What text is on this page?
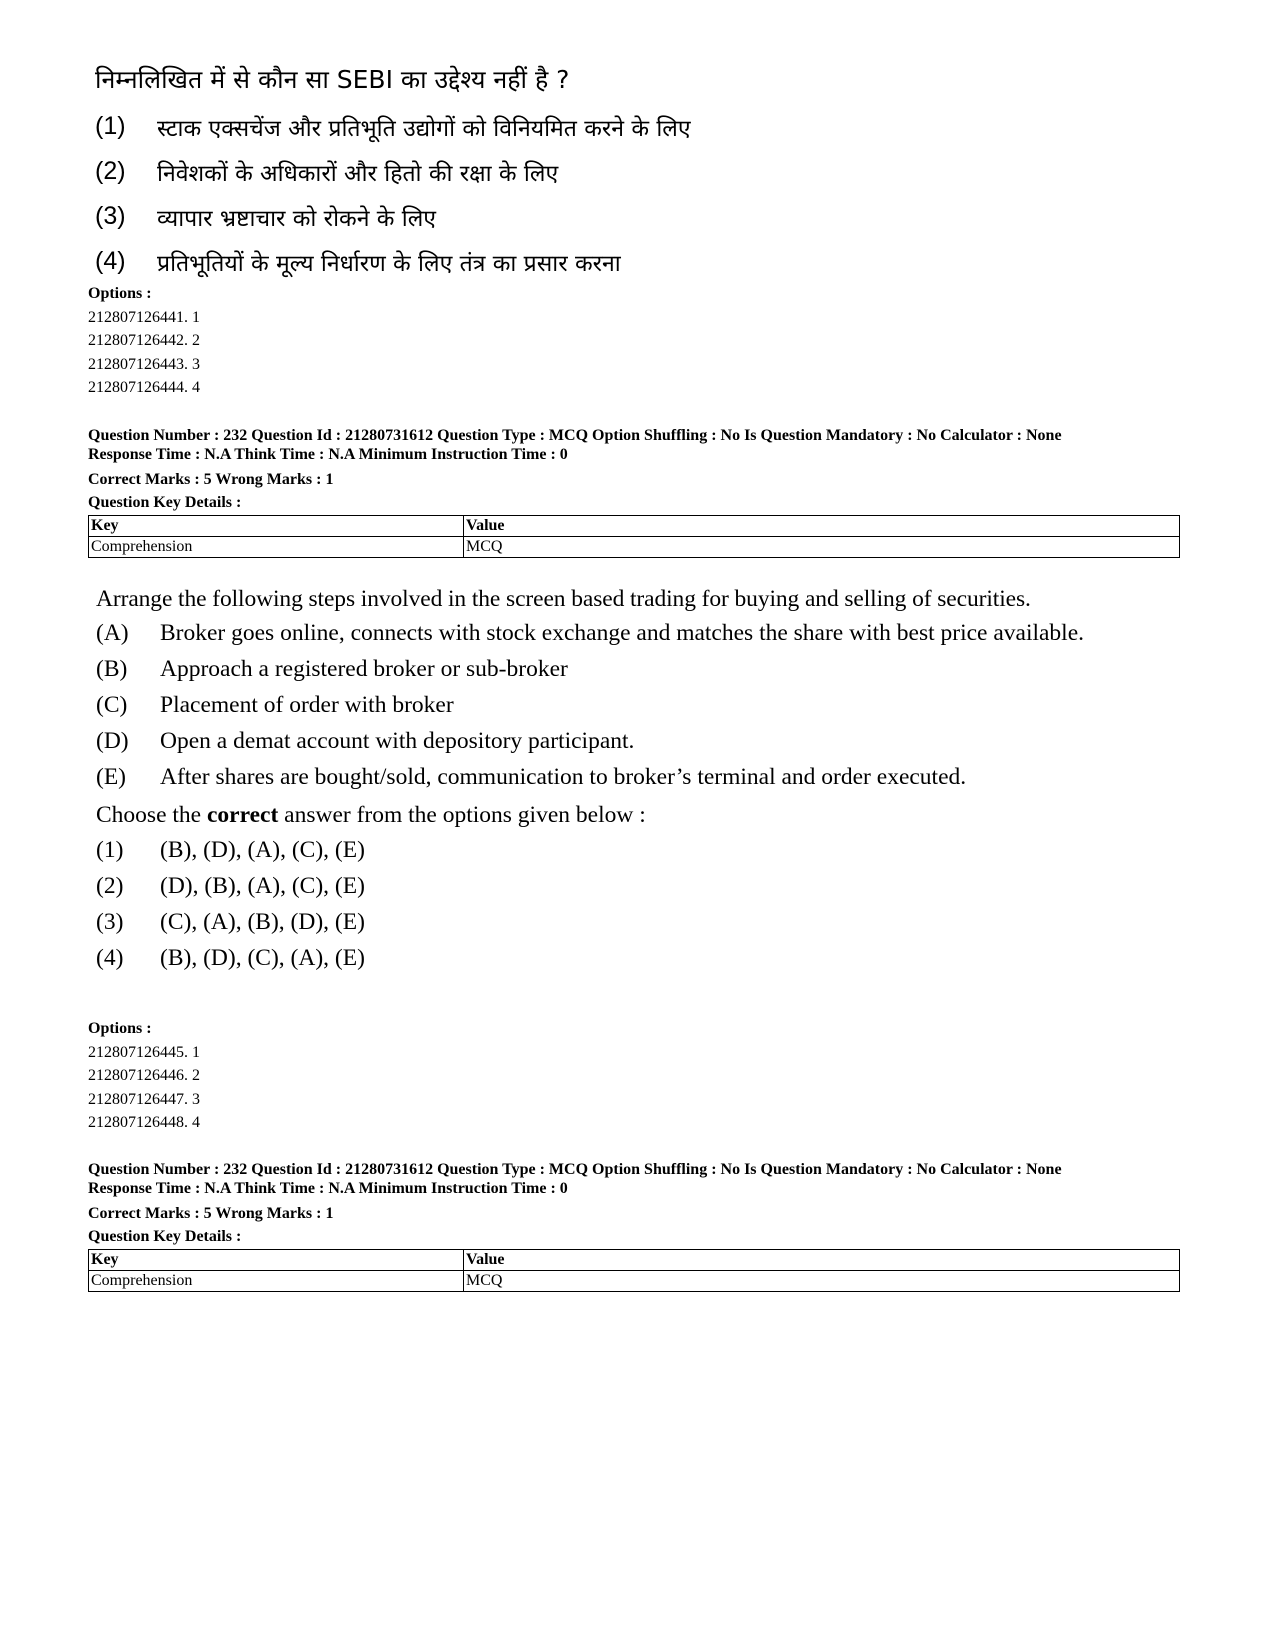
निम्नलिखित में से कौन सा SEBI का उद्देश्य नहीं है ?
(1)	स्टाक एक्सचेंज और प्रतिभूति उद्योगों को विनियमित करने के लिए
(2)	निवेशकों के अधिकारों और हितो की रक्षा के लिए
(3)	व्यापार भ्रष्टाचार को रोकने के लिए
(4)	प्रतिभूतियों के मूल्य निर्धारण के लिए तंत्र का प्रसार करना
Options :
212807126441. 1
212807126442. 2
212807126443. 3
212807126444. 4
Question Number : 232 Question Id : 21280731612 Question Type : MCQ Option Shuffling : No Is Question Mandatory : No Calculator : None
Response Time : N.A Think Time : N.A Minimum Instruction Time : 0
Correct Marks : 5 Wrong Marks : 1
Question Key Details :
Key	Value
Comprehension	MCQ
Arrange the following steps involved in the screen based trading for buying and selling of securities.
(A)	Broker goes online, connects with stock exchange and matches the share with best price available.
(B)	Approach a registered broker or sub-broker
(C)	Placement of order with broker
(D)	Open a demat account with depository participant.
(E)	After shares are bought/sold, communication to broker’s terminal and order executed.
Choose the correct answer from the options given below :
(1)	(B), (D), (A), (C), (E)
(2)	(D), (B), (A), (C), (E)
(3)	(C), (A), (B), (D), (E)
(4)	(B), (D), (C), (A), (E)
Options :
212807126445. 1
212807126446. 2
212807126447. 3
212807126448. 4
Question Number : 232 Question Id : 21280731612 Question Type : MCQ Option Shuffling : No Is Question Mandatory : No Calculator : None
Response Time : N.A Think Time : N.A Minimum Instruction Time : 0
Correct Marks : 5 Wrong Marks : 1
Question Key Details :
Key	Value
Comprehension	MCQ
